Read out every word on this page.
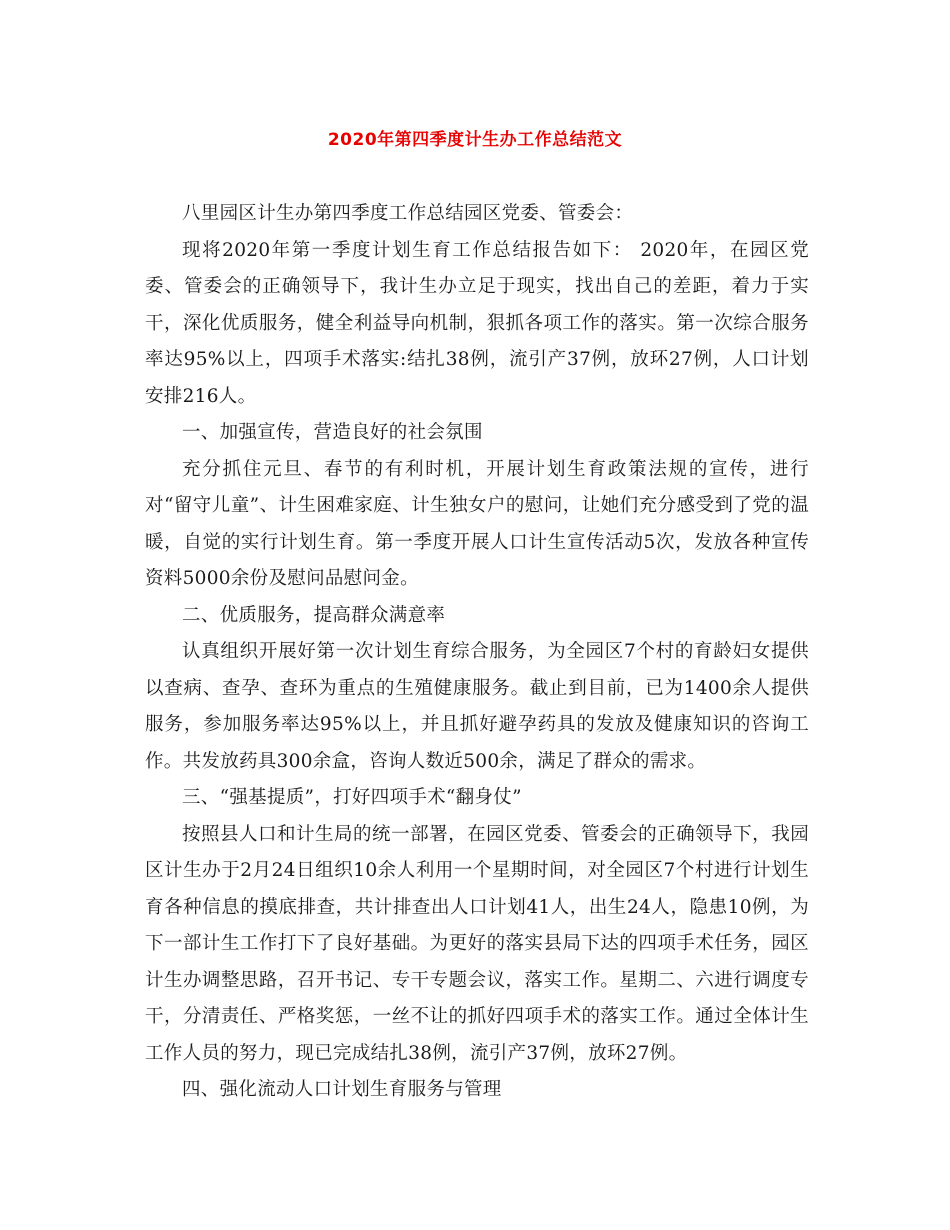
2020年第四季度计生办工作总结范文

八里园区计生办第四季度工作总结园区党委、管委会：

现将2020年第一季度计划生育工作总结报告如下： 2020年，在园区党委、管委会的正确领导下，我计生办立足于现实，找出自己的差距，着力于实干，深化优质服务，健全利益导向机制，狠抓各项工作的落实。第一次综合服务率达95%以上，四项手术落实:结扎38例，流引产37例，放环27例，人口计划安排216人。

一、加强宣传，营造良好的社会氛围

充分抓住元旦、春节的有利时机，开展计划生育政策法规的宣传，进行对“留守儿童”、计生困难家庭、计生独女户的慰问，让她们充分感受到了党的温暖，自觉的实行计划生育。第一季度开展人口计生宣传活动5次，发放各种宣传资料5000余份及慰问品慰问金。

二、优质服务，提高群众满意率

认真组织开展好第一次计划生育综合服务，为全园区7个村的育龄妇女提供以查病、查孕、查环为重点的生殖健康服务。截止到目前，已为1400余人提供服务，参加服务率达95%以上，并且抓好避孕药具的发放及健康知识的咨询工作。共发放药具300余盒，咨询人数近500余，满足了群众的需求。

三、“强基提质”，打好四项手术“翻身仗”

按照县人口和计生局的统一部署，在园区党委、管委会的正确领导下，我园区计生办于2月24日组织10余人利用一个星期时间，对全园区7个村进行计划生育各种信息的摸底排查，共计排查出人口计划41人，出生24人，隐患10例，为下一部计生工作打下了良好基础。为更好的落实县局下达的四项手术任务，园区计生办调整思路，召开书记、专干专题会议，落实工作。星期二、六进行调度专干，分清责任、严格奖惩，一丝不让的抓好四项手术的落实工作。通过全体计生工作人员的努力，现已完成结扎38例，流引产37例，放环27例。

四、强化流动人口计划生育服务与管理
